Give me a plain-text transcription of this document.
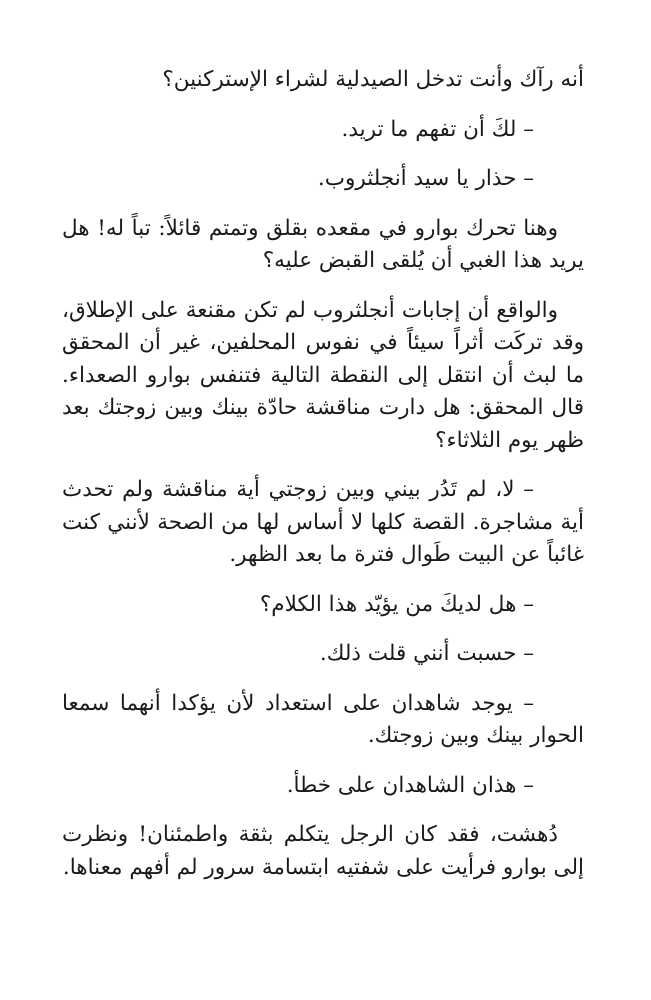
أنه رآك وأنت تدخل الصيدلية لشراء الإستركنين؟

– لكَ أن تفهم ما تريد.

– حذار يا سيد أنجلثروب.

وهنا تحرك بوارو في مقعده بقلق وتمتم قائلاً: تباً له! هل يريد هذا الغبي أن يُلقى القبض عليه؟

والواقع أن إجابات أنجلثروب لم تكن مقنعة على الإطلاق، وقد تركَت أثراً سيئاً في نفوس المحلفين، غير أن المحقق ما لبث أن انتقل إلى النقطة التالية فتنفس بوارو الصعداء. قال المحقق: هل دارت مناقشة حادّة بينك وبين زوجتك بعد ظهر يوم الثلاثاء؟

– لا، لم تَدُر بيني وبين زوجتي أية مناقشة ولم تحدث أية مشاجرة. القصة كلها لا أساس لها من الصحة لأنني كنت غائباً عن البيت طَوال فترة ما بعد الظهر.

– هل لديكَ من يؤيّد هذا الكلام؟

– حسبت أنني قلت ذلك.

– يوجد شاهدان على استعداد لأن يؤكدا أنهما سمعا الحوار بينك وبين زوجتك.

– هذان الشاهدان على خطأ.

دُهشت، فقد كان الرجل يتكلم بثقة واطمئنان! ونظرت إلى بوارو فرأيت على شفتيه ابتسامة سرور لم أفهم معناها.
